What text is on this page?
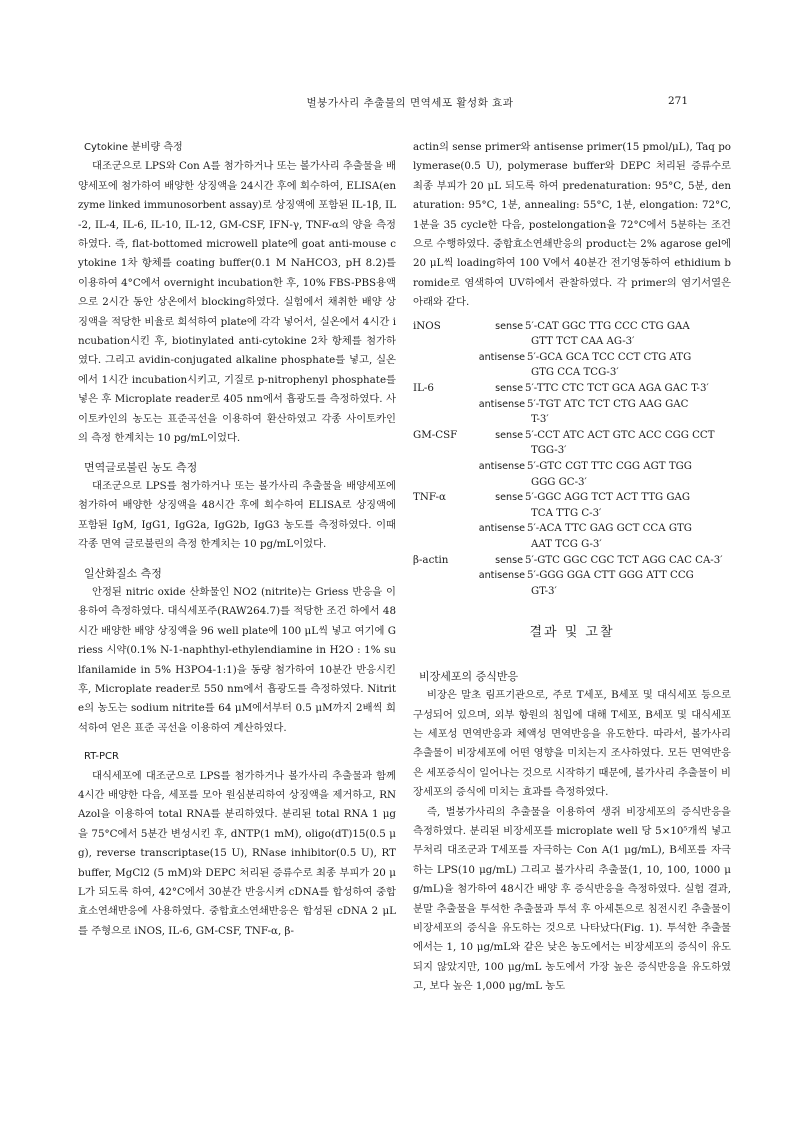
벌붕가사리 추출물의 면역세포 활성화 효과	271

Cytokine 분비량 측정

대조군으로 LPS와 Con A를 첨가하거나 또는 볼가사리 추출물을 배양세포에 첨가하여 배양한 상징액을 24시간 후에 회수하여, ELISA(enzyme linked immunosorbent assay)로 상징액에 포함된 IL-1β, IL-2, IL-4, IL-6, IL-10, IL-12, GM-CSF, IFN-γ, TNF-α의 양을 측정하였다. 즉, flat-bottomed microwell plate에 goat anti-mouse cytokine 1차 항체를 coating buffer(0.1 M NaHCO3, pH 8.2)를 이용하여 4°C에서 overnight incubation한 후, 10% FBS-PBS용액으로 2시간 동안 상온에서 blocking하였다. 실험에서 채취한 배양 상징액을 적당한 비율로 희석하여 plate에 각각 넣어서, 실온에서 4시간 incubation시킨 후, biotinylated anti-cytokine 2차 항체를 첨가하였다. 그리고 avidin-conjugated alkaline phosphate를 넣고, 실온에서 1시간 incubation시키고, 기질로 p-nitrophenyl phosphate를 넣은 후 Microplate reader로 405 nm에서 흡광도를 측정하였다. 사이토카인의 농도는 표준곡선을 이용하여 환산하였고 각종 사이토카인의 측정 한계치는 10 pg/mL이었다.

면역글로불린 농도 측정

대조군으로 LPS를 첨가하거나 또는 볼가사리 추출물을 배양세포에 첨가하여 배양한 상징액을 48시간 후에 회수하여 ELISA로 상징액에 포함된 IgM, IgG1, IgG2a, IgG2b, IgG3 농도를 측정하였다. 이때 각종 면역 글로불린의 측정 한계치는 10 pg/mL이었다.

일산화질소 측정

안정된 nitric oxide 산화물인 NO2 (nitrite)는 Griess 반응을 이용하여 측정하였다. 대식세포주(RAW264.7)를 적당한 조건 하에서 48시간 배양한 배양 상징액을 96 well plate에 100 μL씩 넣고 여기에 Griess 시약(0.1% N-1-naphthyl-ethylendiamine in H2O : 1% sulfanilamide in 5% H3PO4-1:1)을 동량 첨가하여 10분간 반응시킨 후, Microplate reader로 550 nm에서 흡광도를 측정하였다. Nitrite의 농도는 sodium nitrite를 64 μM에서부터 0.5 μM까지 2배씩 희석하여 얻은 표준 곡선을 이용하여 계산하였다.

RT-PCR

대식세포에 대조군으로 LPS를 첨가하거나 볼가사리 추출물과 함께 4시간 배양한 다음, 세포를 모아 원심분리하여 상징액을 제거하고, RNAzol을 이용하여 total RNA를 분리하였다. 분리된 total RNA 1 μg을 75°C에서 5분간 변성시킨 후, dNTP(1 mM), oligo(dT)15(0.5 μg), reverse transcriptase(15 U), RNase inhibitor(0.5 U), RT buffer, MgCl2 (5 mM)와 DEPC 처리된 증류수로 최종 부피가 20 μL가 되도록 하여, 42°C에서 30분간 반응시켜 cDNA를 합성하여 중합효소연쇄반응에 사용하였다. 중합효소연쇄반응은 합성된 cDNA 2 μL를 주형으로 iNOS, IL-6, GM-CSF, TNF-α, β-

actin의 sense primer와 antisense primer(15 pmol/μL), Taq polymerase(0.5 U), polymerase buffer와 DEPC 처리된 증류수로 최종 부피가 20 μL 되도록 하여 predenaturation: 95°C, 5분, denaturation: 95°C, 1분, annealing: 55°C, 1분, elongation: 72°C, 1분을 35 cycle한 다음, postelongation을 72°C에서 5분하는 조건으로 수행하였다. 중합효소연쇄반응의 product는 2% agarose gel에 20 μL씩 loading하여 100 V에서 40분간 전기영동하여 ethidium bromide로 염색하여 UV하에서 관찰하였다. 각 primer의 염기서열은 아래와 같다.

iNOS	sense 5′-CAT GGC TTG CCC CTG GAA
GTT TCT CAA AG-3′
antisense 5′-GCA GCA TCC CCT CTG ATG
GTG CCA TCG-3′
IL-6	sense 5′-TTC CTC TCT GCA AGA GAC T-3′
antisense 5′-TGT ATC TCT CTG AAG GAC
T-3′
GM-CSF	sense 5′-CCT ATC ACT GTC ACC CGG CCT
TGG-3′
antisense 5′-GTC CGT TTC CGG AGT TGG
GGG GC-3′
TNF-α	sense 5′-GGC AGG TCT ACT TTG GAG
TCA TTG C-3′
antisense 5′-ACA TTC GAG GCT CCA GTG
AAT TCG G-3′
β-actin	sense 5′-GTC GGC CGC TCT AGG CAC CA-3′
antisense 5′-GGG GGA CTT GGG ATT CCG
GT-3′

결과 및 고찰

비장세포의 증식반응

비장은 말초 림프기관으로, 주로 T세포, B세포 및 대식세포 등으로 구성되어 있으며, 외부 항원의 침입에 대해 T세포, B세포 및 대식세포는 세포성 면역반응과 체액성 면역반응을 유도한다. 따라서, 볼가사리 추출물이 비장세포에 어떤 영향을 미치는지 조사하였다. 모든 면역반응은 세포증식이 일어나는 것으로 시작하기 때문에, 볼가사리 추출물이 비장세포의 증식에 미치는 효과를 측정하였다.

즉, 벌붕가사리의 추출물을 이용하여 생쥐 비장세포의 증식반응을 측정하였다. 분리된 비장세포를 microplate well 당 5×10⁵개씩 넣고 무처리 대조군과 T세포를 자극하는 Con A(1 μg/mL), B세포를 자극하는 LPS(10 μg/mL) 그리고 볼가사리 추출물(1, 10, 100, 1000 μg/mL)을 첨가하여 48시간 배양 후 증식반응을 측정하였다. 실험 결과, 분말 추출물을 투석한 추출물과 투석 후 아세톤으로 침전시킨 추출물이 비장세포의 증식을 유도하는 것으로 나타났다(Fig. 1). 투석한 추출물에서는 1, 10 μg/mL와 같은 낮은 농도에서는 비장세포의 증식이 유도되지 않았지만, 100 μg/mL 농도에서 가장 높은 증식반응을 유도하였고, 보다 높은 1,000 μg/mL 농도
